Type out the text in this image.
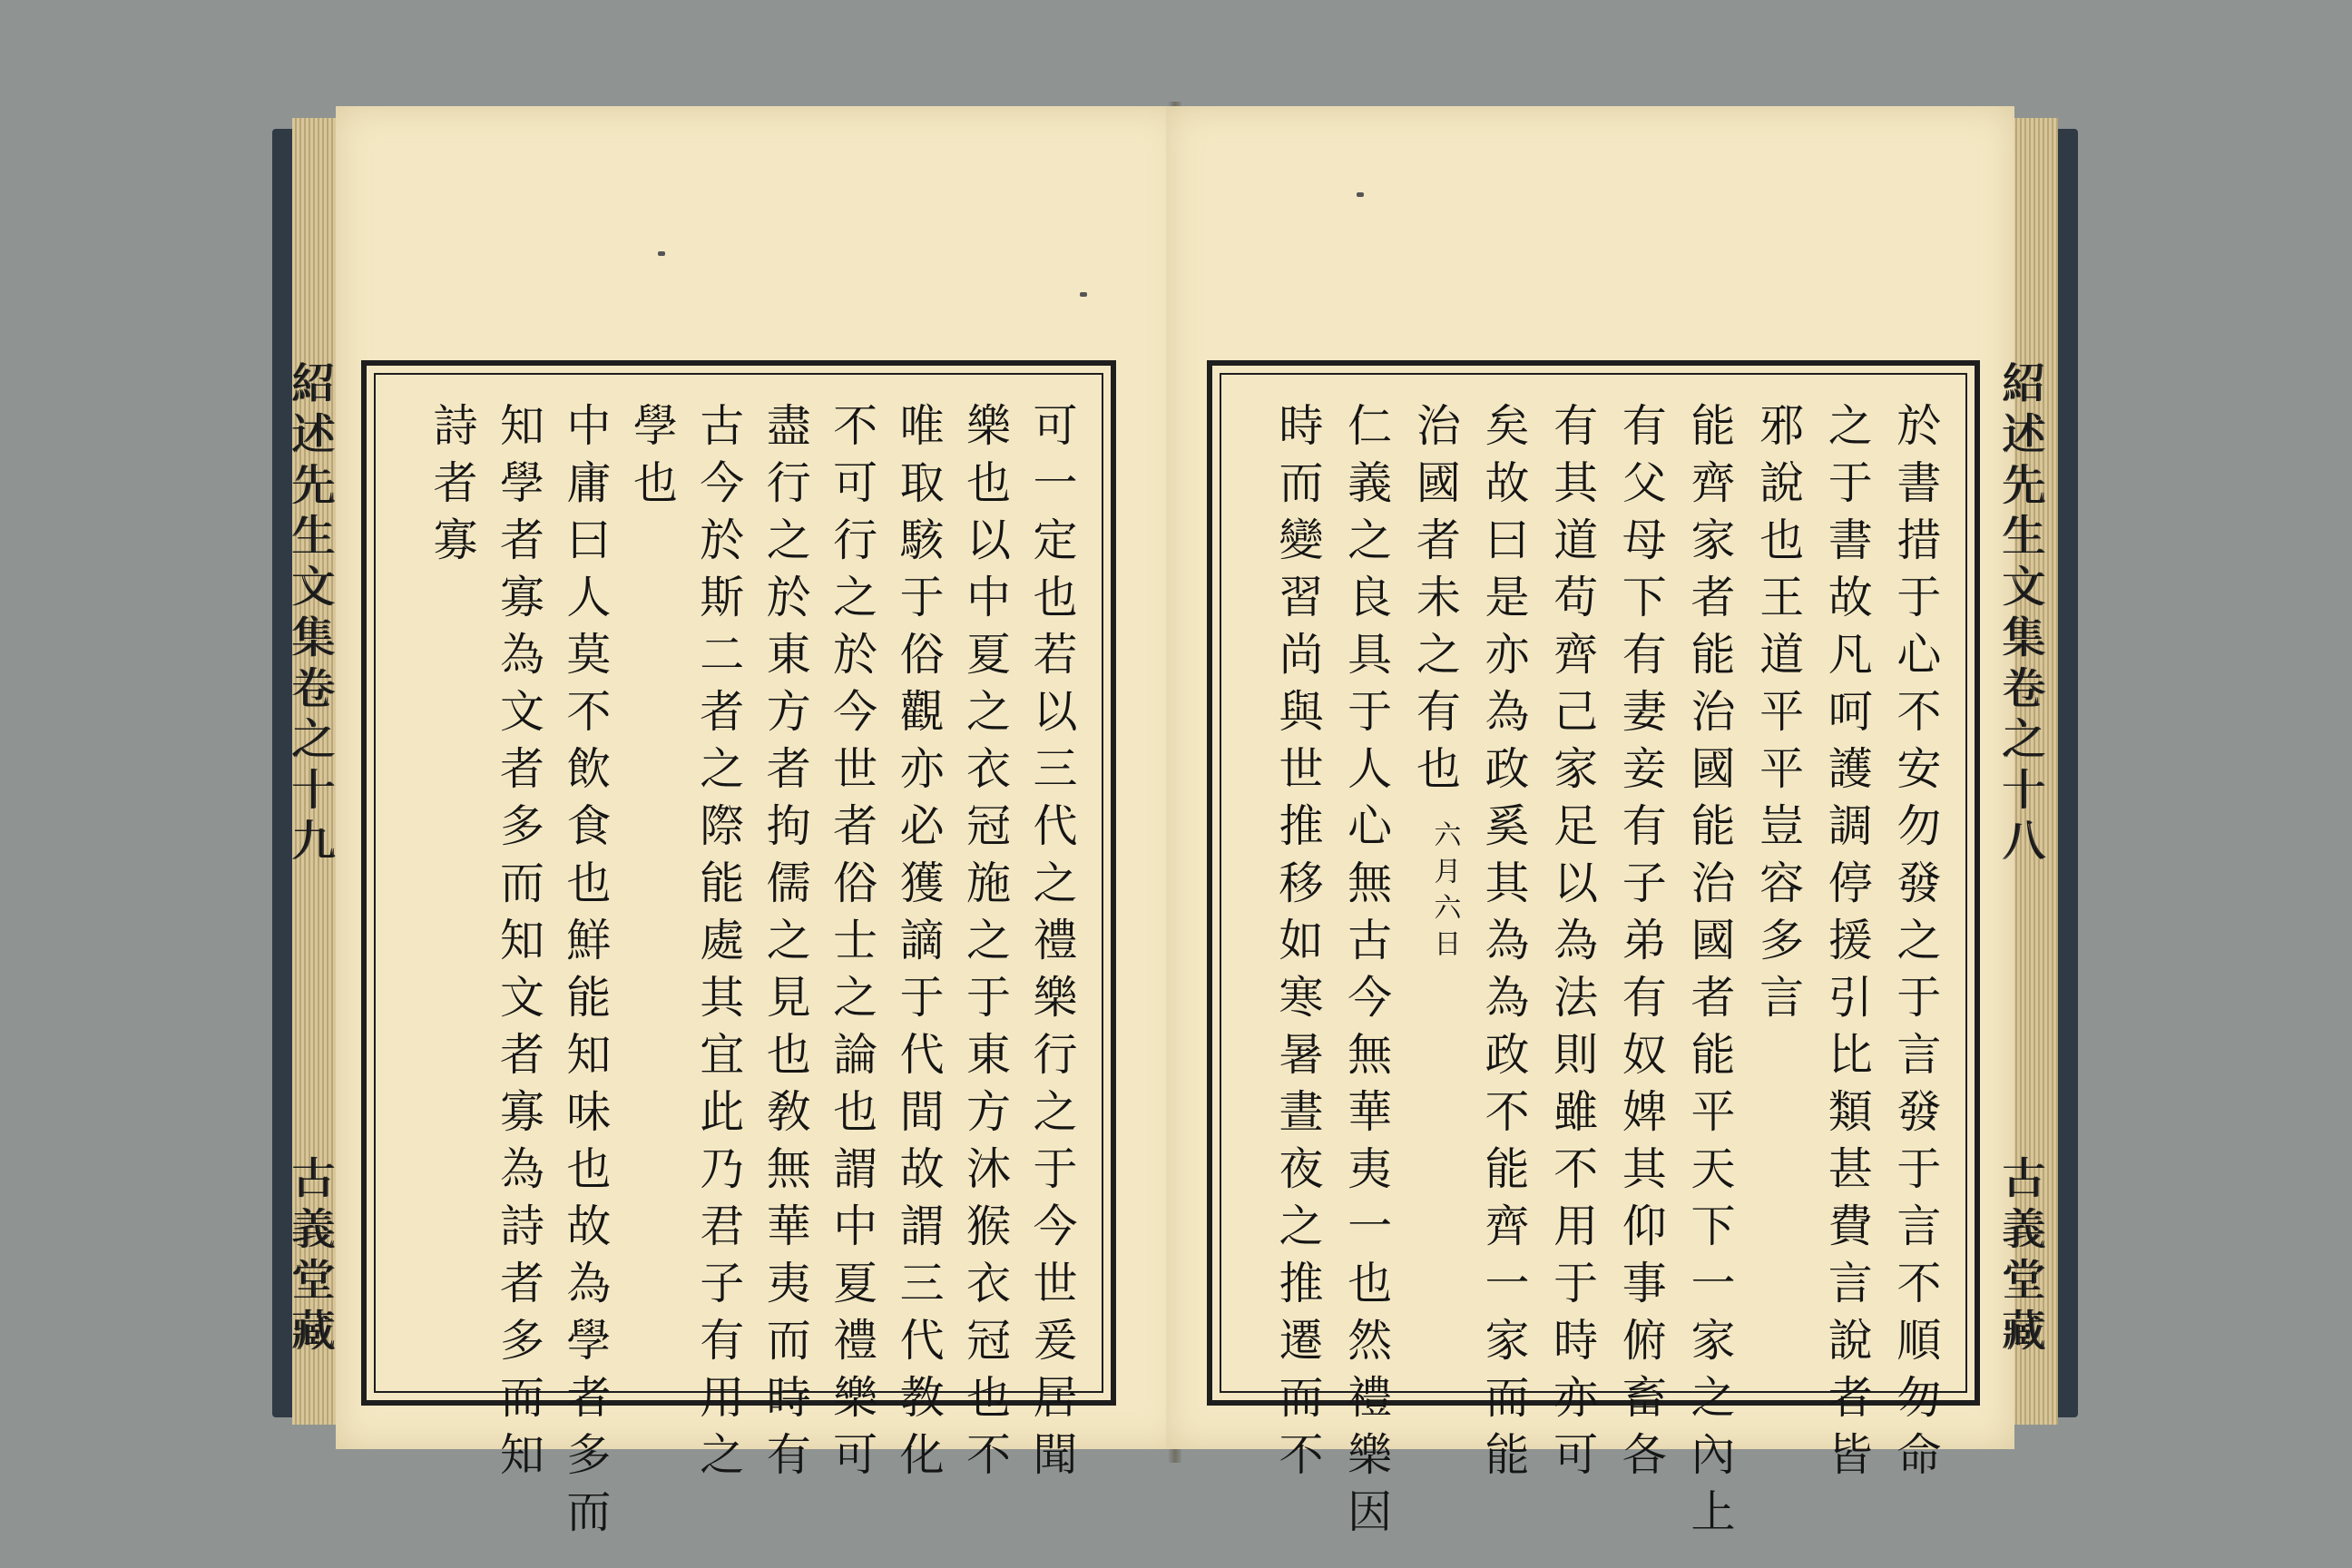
紹述先生文集卷之十九
古義堂藏	可一定也若以三代之禮樂行之于今世爰居聞
樂也以中夏之衣冠施之于東方沐猴衣冠也不
唯取駭于俗觀亦必獲謫于代間故謂三代教化
不可行之於今世者俗士之論也謂中夏禮樂可
盡行之於東方者拘儒之見也敎無華夷而時有
古今於斯二者之際能處其宜此乃君子有用之
學也
中庸曰人莫不飲食也鮮能知味也故為學者多而
知學者寡為文者多而知文者寡為詩者多而知
詩者寡	紹述先生文集卷之十八
古義堂藏
於書措于心不安勿發之于言發于言不順勿命
之于書故凡呵護調停援引比類甚費言說者皆
邪說也王道平平豈容多言
能齊家者能治國能治國者能平天下一家之內上
有父母下有妻妾有子弟有奴婢其仰事俯畜各
有其道苟齊己家足以為法則雖不用于時亦可
矣故曰是亦為政奚其為為政不能齊一家而能
治國者未之有也
六月六日
仁義之良具于人心無古今無華夷一也然禮樂因
時而變習尚與世推移如寒暑晝夜之推遷而不
